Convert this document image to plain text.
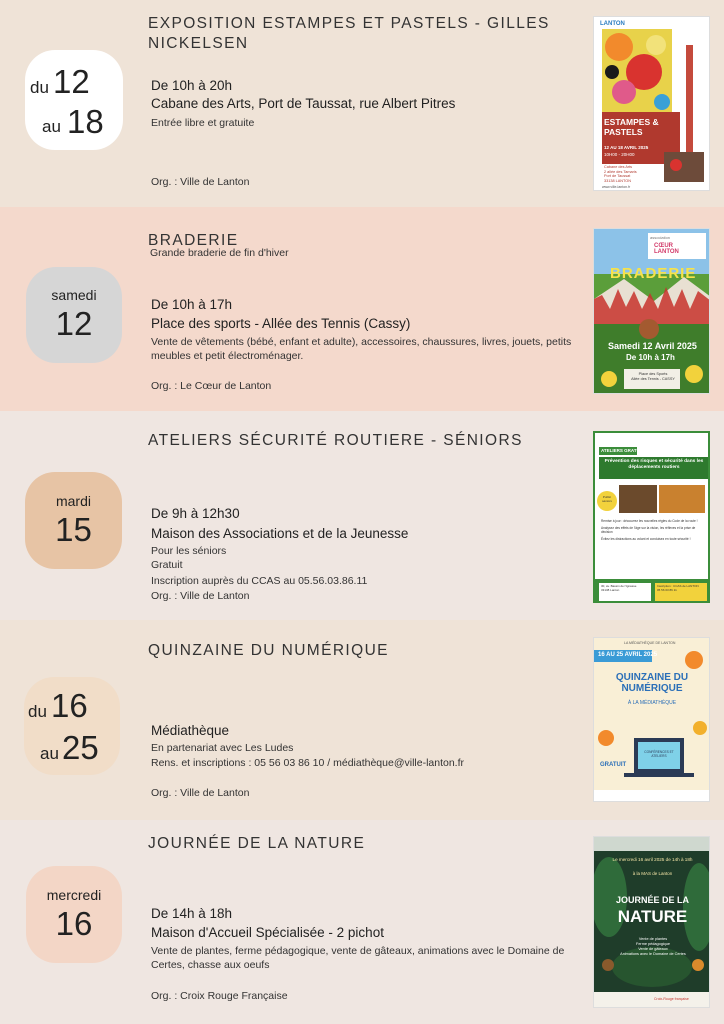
EXPOSITION ESTAMPES ET PASTELS - GILLES NICKELSEN
du 12
au 18
De 10h à 20h
Cabane des Arts, Port de Taussat, rue Albert Pitres
Entrée libre et gratuite
Org. : Ville de Lanton
LANTON
ESTAMPES & PASTELS
12 AU 18 AVRIL 2025
10H00 - 20H00
GILLES NICKELSEN
Cabane des Arts
2 allée des Tamaris
Port de Taussat
33138 LANTON
www.ville-lanton.fr
BRADERIE
Grande braderie de fin d'hiver
samedi
12
De 10h à 17h
Place des sports - Allée des Tennis (Cassy)
Vente de vêtements (bébé, enfant et adulte), accessoires, chaussures, livres, jouets, petits meubles et petit électroménager.
Org. : Le Cœur de Lanton
association
CŒUR LANTON
BRADERIE
Samedi 12 Avril 2025
De 10h à 17h
Place des Sports
Allée des Tennis - CASSY
ATELIERS SÉCURITÉ ROUTIERE - SÉNIORS
mardi
15	De 9h à 12h30
Maison des Associations et de la Jeunesse
Pour les séniors
Gratuit
Inscription auprès du CCAS au 05.56.03.86.11
Org. : Ville de Lanton
ATELIERS GRATUITS
Prévention des risques et sécurité dans les déplacements routiers
Public séniors
Remise à jour : découvrez les nouvelles règles du Code de la route !
Analysez des effets de l'âge sur la vision, les réflexes et la prise de décision
Évitez les distractions au volant et conduisez en toute sécurité !
30, av. Bassin de l'Ignasse
33138 Lanton
Inscription : CCAS de LANTON
05 56 03 86 11
QUINZAINE DU NUMÉRIQUE
du 16
au 25	Médiathèque
En partenariat avec Les Ludes
Rens. et inscriptions : 05 56 03 86 10 / médiathèque@ville-lanton.fr
Org. : Ville de Lanton
LA MÉDIATHÈQUE DE LANTON
16 AU 25 AVRIL 2025
QUINZAINE DU NUMÉRIQUE
À LA MÉDIATHÈQUE
GRATUIT
CONFÉRENCES ET ATELIERS
JOURNÉE DE LA NATURE
mercredi
16	De 14h à 18h
Maison d'Accueil Spécialisée - 2 pichot
Vente de plantes, ferme pédagogique, vente de gâteaux, animations avec le Domaine de Certes, chasse aux oeufs
Org. : Croix Rouge Française
Le mercredi 16 avril 2025 de 14h à 18h
à la MAS de Lanton
JOURNÉE DE LA
NATURE
Vente de plantes
Ferme pédagogique
Vente de gâteaux
Animations avec le Domaine de Certes
Croix-Rouge française
